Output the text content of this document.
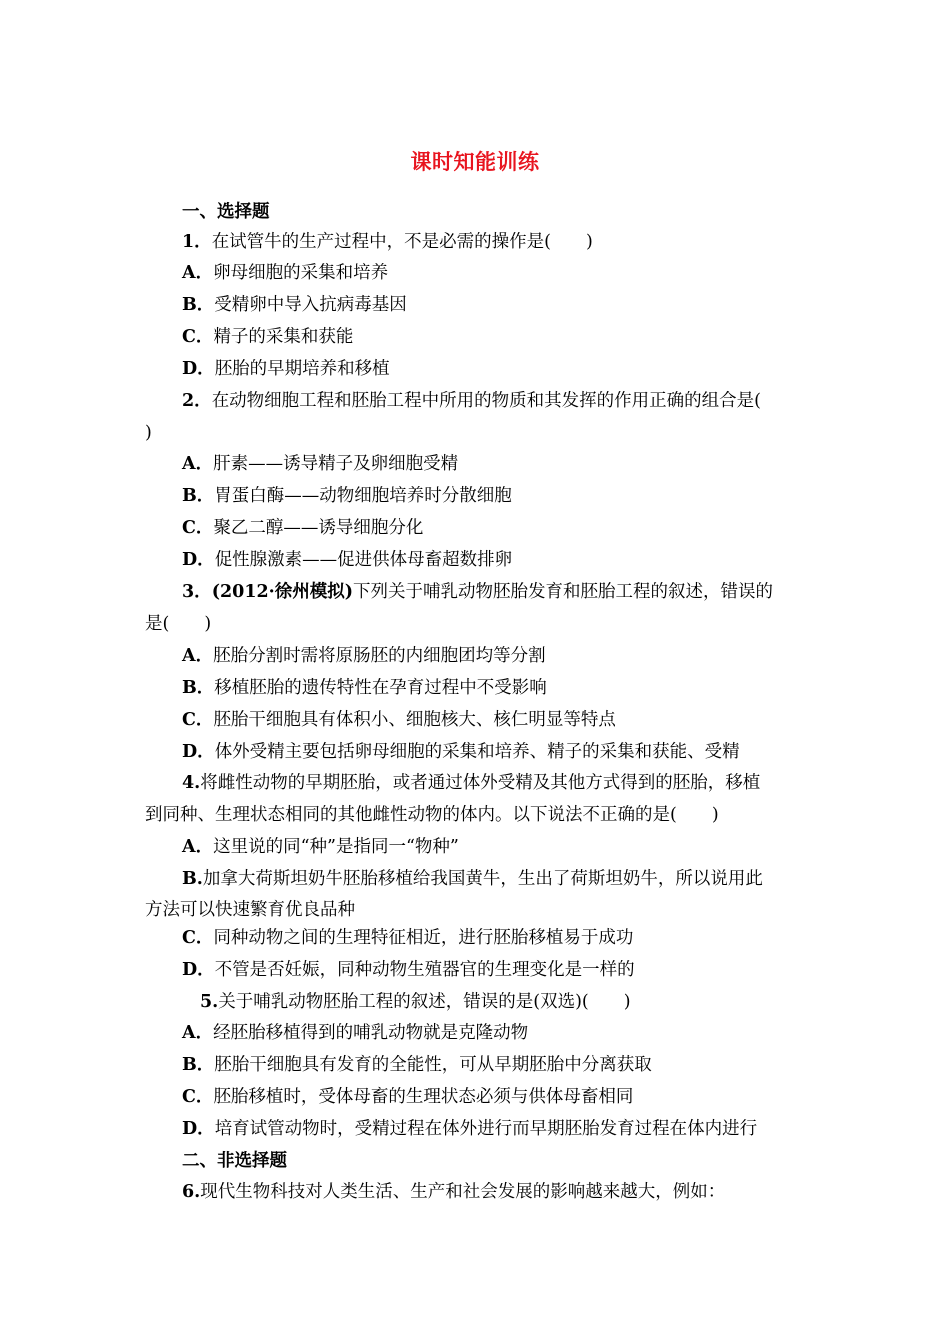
课时知能训练
一、选择题
1．在试管牛的生产过程中，不是必需的操作是(　　)
A．卵母细胞的采集和培养
B．受精卵中导入抗病毒基因
C．精子的采集和获能
D．胚胎的早期培养和移植
2．在动物细胞工程和胚胎工程中所用的物质和其发挥的作用正确的组合是(
)
A．肝素——诱导精子及卵细胞受精
B．胃蛋白酶——动物细胞培养时分散细胞
C．聚乙二醇——诱导细胞分化
D．促性腺激素——促进供体母畜超数排卵
3．(2012·徐州模拟)下列关于哺乳动物胚胎发育和胚胎工程的叙述，错误的
是(　　)
A．胚胎分割时需将原肠胚的内细胞团均等分割
B．移植胚胎的遗传特性在孕育过程中不受影响
C．胚胎干细胞具有体积小、细胞核大、核仁明显等特点
D．体外受精主要包括卵母细胞的采集和培养、精子的采集和获能、受精
4.将雌性动物的早期胚胎，或者通过体外受精及其他方式得到的胚胎，移植
到同种、生理状态相同的其他雌性动物的体内。以下说法不正确的是(　　)
A．这里说的同“种”是指同一“物种”
B.加拿大荷斯坦奶牛胚胎移植给我国黄牛，生出了荷斯坦奶牛，所以说用此
方法可以快速繁育优良品种
C．同种动物之间的生理特征相近，进行胚胎移植易于成功
D．不管是否妊娠，同种动物生殖器官的生理变化是一样的
5.关于哺乳动物胚胎工程的叙述，错误的是(双选)(　　)
A．经胚胎移植得到的哺乳动物就是克隆动物
B．胚胎干细胞具有发育的全能性，可从早期胚胎中分离获取
C．胚胎移植时，受体母畜的生理状态必须与供体母畜相同
D．培育试管动物时，受精过程在体外进行而早期胚胎发育过程在体内进行
二、非选择题
6.现代生物科技对人类生活、生产和社会发展的影响越来越大，例如：
